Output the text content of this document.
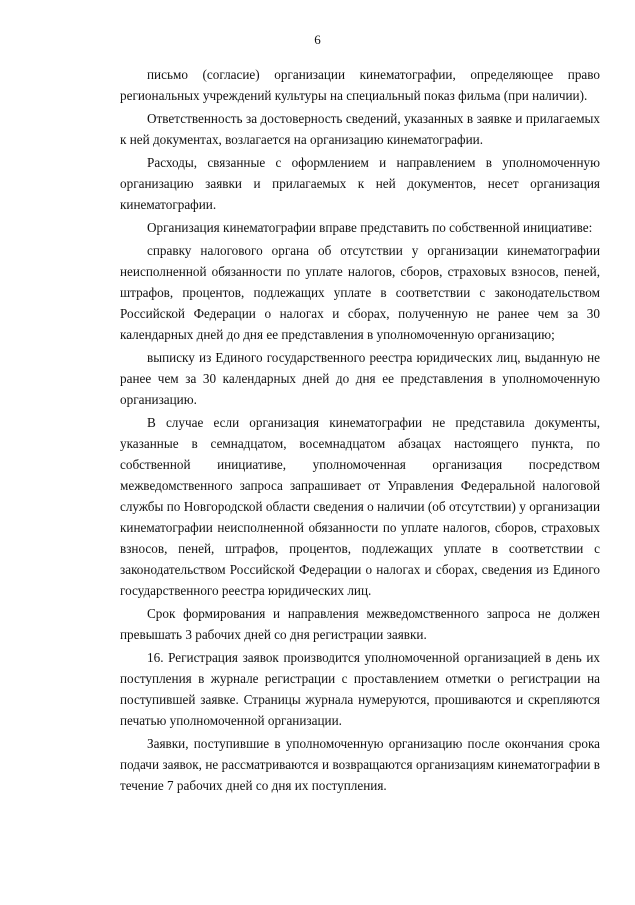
6

письмо (согласие) организации кинематографии, определяющее право региональных учреждений культуры на специальный показ фильма (при наличии).

Ответственность за достоверность сведений, указанных в заявке и прилагаемых к ней документах, возлагается на организацию кинематографии.

Расходы, связанные с оформлением и направлением в уполномоченную организацию заявки и прилагаемых к ней документов, несет организация кинематографии.

Организация кинематографии вправе представить по собственной инициативе:

справку налогового органа об отсутствии у организации кинематографии неисполненной обязанности по уплате налогов, сборов, страховых взносов, пеней, штрафов, процентов, подлежащих уплате в соответствии с законодательством Российской Федерации о налогах и сборах, полученную не ранее чем за 30 календарных дней до дня ее представления в уполномоченную организацию;

выписку из Единого государственного реестра юридических лиц, выданную не ранее чем за 30 календарных дней до дня ее представления в уполномоченную организацию.

В случае если организация кинематографии не представила документы, указанные в семнадцатом, восемнадцатом абзацах настоящего пункта, по собственной инициативе, уполномоченная организация посредством межведомственного запроса запрашивает от Управления Федеральной налоговой службы по Новгородской области сведения о наличии (об отсутствии) у организации кинематографии неисполненной обязанности по уплате налогов, сборов, страховых взносов, пеней, штрафов, процентов, подлежащих уплате в соответствии с законодательством Российской Федерации о налогах и сборах, сведения из Единого государственного реестра юридических лиц.

Срок формирования и направления межведомственного запроса не должен превышать 3 рабочих дней со дня регистрации заявки.

16. Регистрация заявок производится уполномоченной организацией в день их поступления в журнале регистрации с проставлением отметки о регистрации на поступившей заявке. Страницы журнала нумеруются, прошиваются и скрепляются печатью уполномоченной организации.

Заявки, поступившие в уполномоченную организацию после окончания срока подачи заявок, не рассматриваются и возвращаются организациям кинематографии в течение 7 рабочих дней со дня их поступления.
